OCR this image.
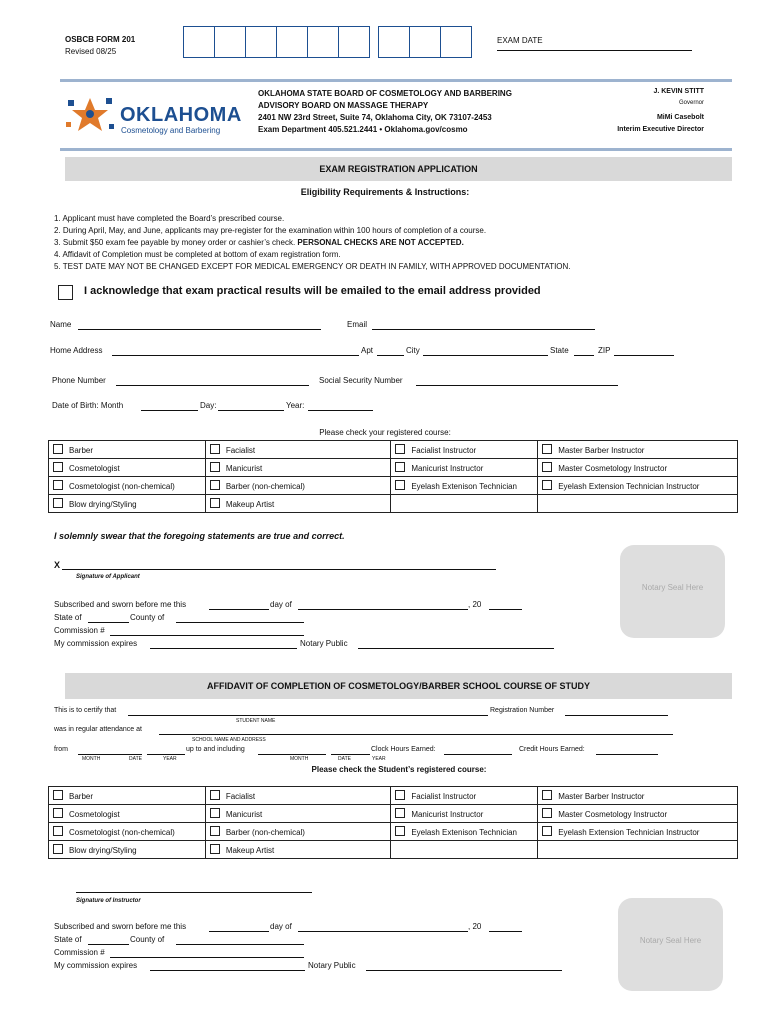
OSBCB FORM 201
Revised 08/25
EXAM DATE
OKLAHOMA
Cosmetology and Barbering
OKLAHOMA STATE BOARD OF COSMETOLOGY AND BARBERING
ADVISORY BOARD ON MASSAGE THERAPY
2401 NW 23rd Street, Suite 74, Oklahoma City, OK 73107-2453
Exam Department 405.521.2441 • Oklahoma.gov/cosmo
J. KEVIN STITT
Governor
MiMi Casebolt
Interim Executive Director
EXAM REGISTRATION APPLICATION
Eligibility Requirements & Instructions:
1. Applicant must have completed the Board’s prescribed course.
2. During April, May, and June, applicants may pre-register for the examination within 100 hours of completion of a course.
3. Submit $50 exam fee payable by money order or cashier’s check. PERSONAL CHECKS ARE NOT ACCEPTED.
4. Affidavit of Completion must be completed at bottom of exam registration form.
5. TEST DATE MAY NOT BE CHANGED EXCEPT FOR MEDICAL EMERGENCY OR DEATH IN FAMILY, WITH APPROVED DOCUMENTATION.
I acknowledge that exam practical results will be emailed to the email address provided
Name	Email
Home Address	Apt	City	State	ZIP
Phone Number	Social Security Number
Date of Birth: Month	Day:	Year:
Please check your registered course:
Barber	Facialist	Facialist Instructor	Master Barber Instructor
Cosmetologist	Manicurist	Manicurist Instructor	Master Cosmetology Instructor
Cosmetologist (non-chemical)	Barber (non-chemical)	Eyelash Extenison Technician	Eyelash Extension Technician Instructor
Blow drying/Styling	Makeup Artist		
I solemnly swear that the foregoing statements are true and correct.
X
Signature of Applicant
Notary Seal Here
Subscribed and sworn before me this	day of	, 20
State of	County of
Commission #
My commission expires	Notary Public
AFFIDAVIT OF COMPLETION OF COSMETOLOGY/BARBER SCHOOL COURSE OF STUDY
This is to certify that	Registration Number
STUDENT NAME
was in regular attendance at
SCHOOL NAME AND ADDRESS
from	up to and including	Clock Hours Earned:	Credit Hours Earned:
MONTH	DATE	YEAR	MONTH	DATE	YEAR
Please check the Student’s registered course:
Barber	Facialist	Facialist Instructor	Master Barber Instructor
Cosmetologist	Manicurist	Manicurist Instructor	Master Cosmetology Instructor
Cosmetologist (non-chemical)	Barber (non-chemical)	Eyelash Extenison Technician	Eyelash Extension Technician Instructor
Blow drying/Styling	Makeup Artist		
Signature of Instructor
Notary Seal Here
Subscribed and sworn before me this	day of	, 20
State of	County of
Commission #
My commission expires	Notary Public
